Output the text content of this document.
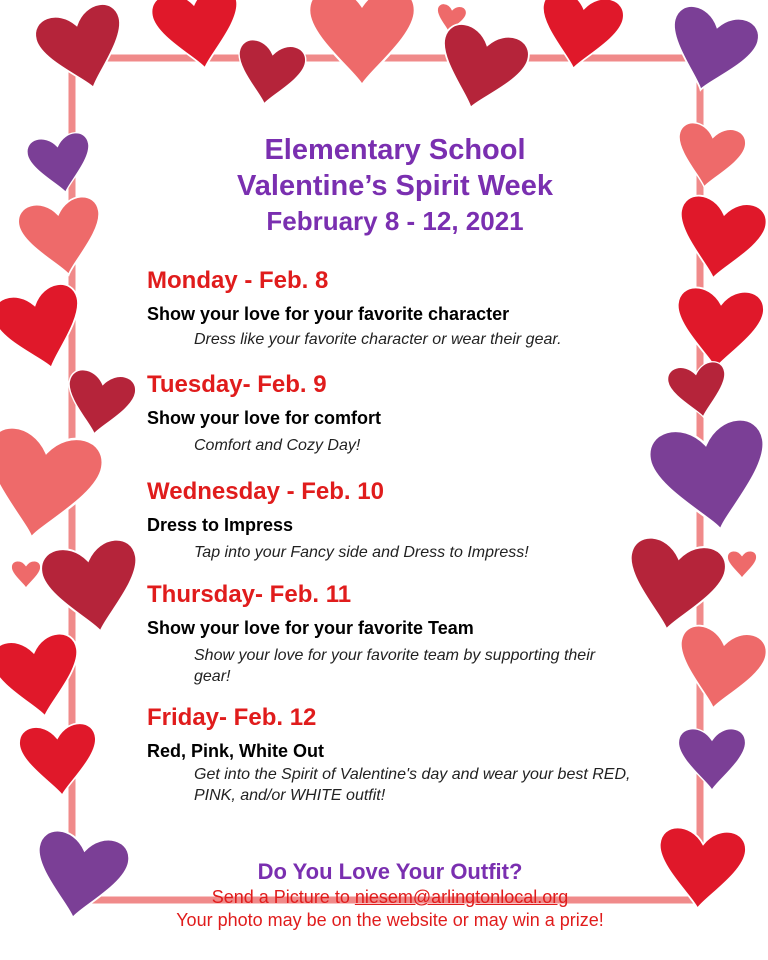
Elementary School
Valentine’s Spirit Week
February 8 - 12, 2021
Monday - Feb. 8
Show your love for your favorite character
Dress like your favorite character or wear their gear.
Tuesday- Feb. 9
Show your love for comfort
Comfort and Cozy Day!
Wednesday - Feb. 10
Dress to Impress
Tap into your Fancy side and Dress to Impress!
Thursday- Feb. 11
Show your love for your favorite Team
Show your love for your favorite team by supporting their gear!
Friday- Feb. 12
Red, Pink, White Out
Get into the Spirit of Valentine's day and wear your best RED, PINK, and/or WHITE outfit!
Do You Love Your Outfit?
Send a Picture to niesem@arlingtonlocal.org
Your photo may be on the website or may win a prize!
